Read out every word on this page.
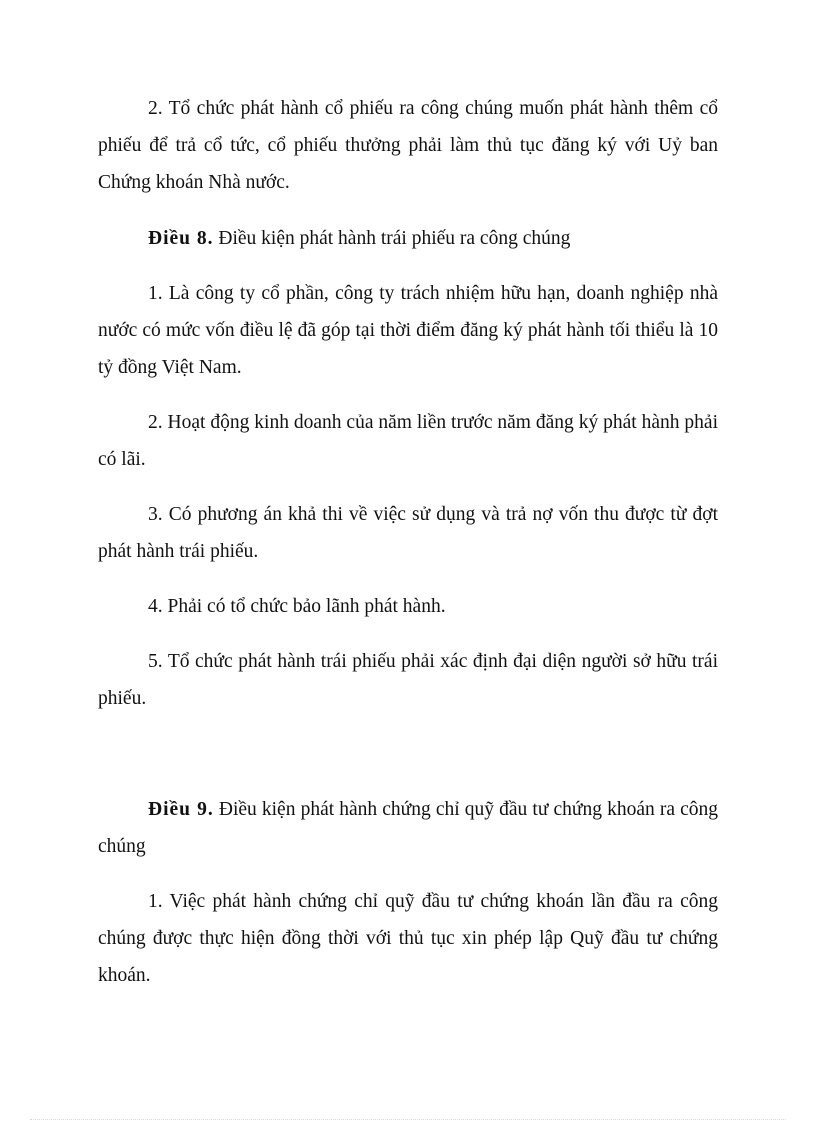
2. Tổ chức phát hành cổ phiếu ra công chúng muốn phát hành thêm cổ phiếu để trả cổ tức, cổ phiếu thưởng phải làm thủ tục đăng ký với Uỷ ban Chứng khoán Nhà nước.

Điều 8. Điều kiện phát hành trái phiếu ra công chúng

1. Là công ty cổ phần, công ty trách nhiệm hữu hạn, doanh nghiệp nhà nước có mức vốn điều lệ đã góp tại thời điểm đăng ký phát hành tối thiểu là 10 tỷ đồng Việt Nam.

2. Hoạt động kinh doanh của năm liền trước năm đăng ký phát hành phải có lãi.

3. Có phương án khả thi về việc sử dụng và trả nợ vốn thu được từ đợt phát hành trái phiếu.

4. Phải có tổ chức bảo lãnh phát hành.

5. Tổ chức phát hành trái phiếu phải xác định đại diện người sở hữu trái phiếu.

Điều 9. Điều kiện phát hành chứng chỉ quỹ đầu tư chứng khoán ra công chúng

1. Việc phát hành chứng chỉ quỹ đầu tư chứng khoán lần đầu ra công chúng được thực hiện đồng thời với thủ tục xin phép lập Quỹ đầu tư chứng khoán.
